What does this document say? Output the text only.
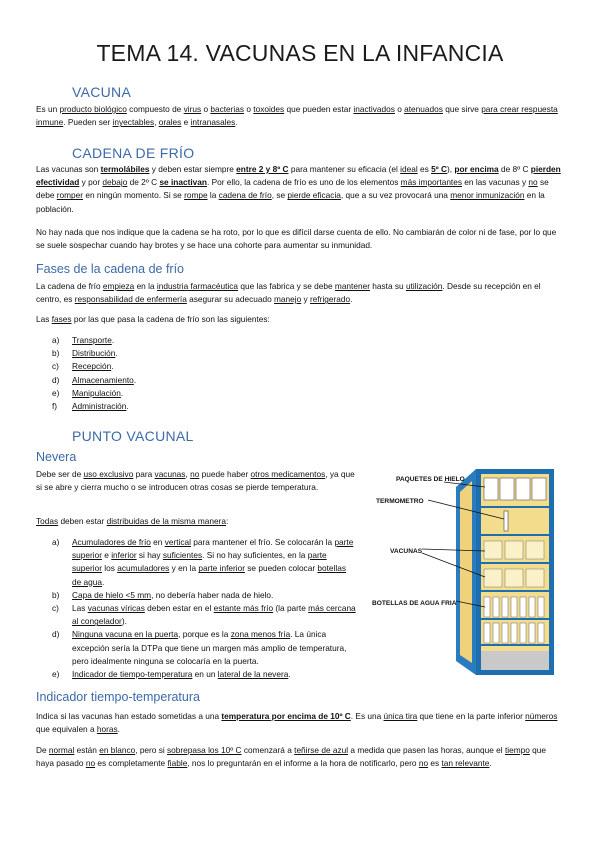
TEMA 14. VACUNAS EN LA INFANCIA
VACUNA
Es un producto biológico compuesto de virus o bacterias o toxoides que pueden estar inactivados o atenuados que sirve para crear respuesta inmune. Pueden ser inyectables, orales e intranasales.
CADENA DE FRÍO
Las vacunas son termolábiles y deben estar siempre entre 2 y 8º C para mantener su eficacia (el ideal es 5º C), por encima de 8º C pierden efectividad y por debajo de 2º C se inactivan. Por ello, la cadena de frío es uno de los elementos más importantes en las vacunas y no se debe romper en ningún momento. Si se rompe la cadena de frío, se pierde eficacia, que a su vez provocará una menor inmunización en la población.
No hay nada que nos indique que la cadena se ha roto, por lo que es difícil darse cuenta de ello. No cambiarán de color ni de fase, por lo que se suele sospechar cuando hay brotes y se hace una cohorte para aumentar su inmunidad.
Fases de la cadena de frío
La cadena de frío empieza en la industria farmacéutica que las fabrica y se debe mantener hasta su utilización. Desde su recepción en el centro, es responsabilidad de enfermería asegurar su adecuado manejo y refrigerado.
Las fases por las que pasa la cadena de frío son las siguientes:
a)	Transporte.
b)	Distribución.
c)	Recepción.
d)	Almacenamiento.
e)	Manipulación.
f)	Administración.
PUNTO VACUNAL
Nevera
Debe ser de uso exclusivo para vacunas, no puede haber otros medicamentos, ya que si se abre y cierra mucho o se introducen otras cosas se pierde temperatura.
Todas deben estar distribuidas de la misma manera:
a) Acumuladores de frío en vertical para mantener el frío. Se colocarán la parte superior e inferior si hay suficientes. Si no hay suficientes, en la parte superior los acumuladores y en la parte inferior se pueden colocar botellas de agua.
b) Capa de hielo <5 mm, no debería haber nada de hielo.
c) Las vacunas víricas deben estar en el estante más frío (la parte más cercana al congelador).
d) Ninguna vacuna en la puerta, porque es la zona menos fría. La única excepción sería la DTPa que tiene un margen más amplio de temperatura, pero idealmente ninguna se colocaría en la puerta.
e) Indicador de tiempo-temperatura en un lateral de la nevera.
PAQUETES DE HIELO
TERMOMETRO
VACUNAS
BOTELLAS DE AGUA FRIA
Indicador tiempo-temperatura
Indica si las vacunas han estado sometidas a una temperatura por encima de 10º C. Es una única tira que tiene en la parte inferior números que equivalen a horas.
De normal están en blanco, pero si sobrepasa los 10º C comenzará a teñirse de azul a medida que pasen las horas, aunque el tiempo que haya pasado no es completamente fiable, nos lo preguntarán en el informe a la hora de notificarlo, pero no es tan relevante.
